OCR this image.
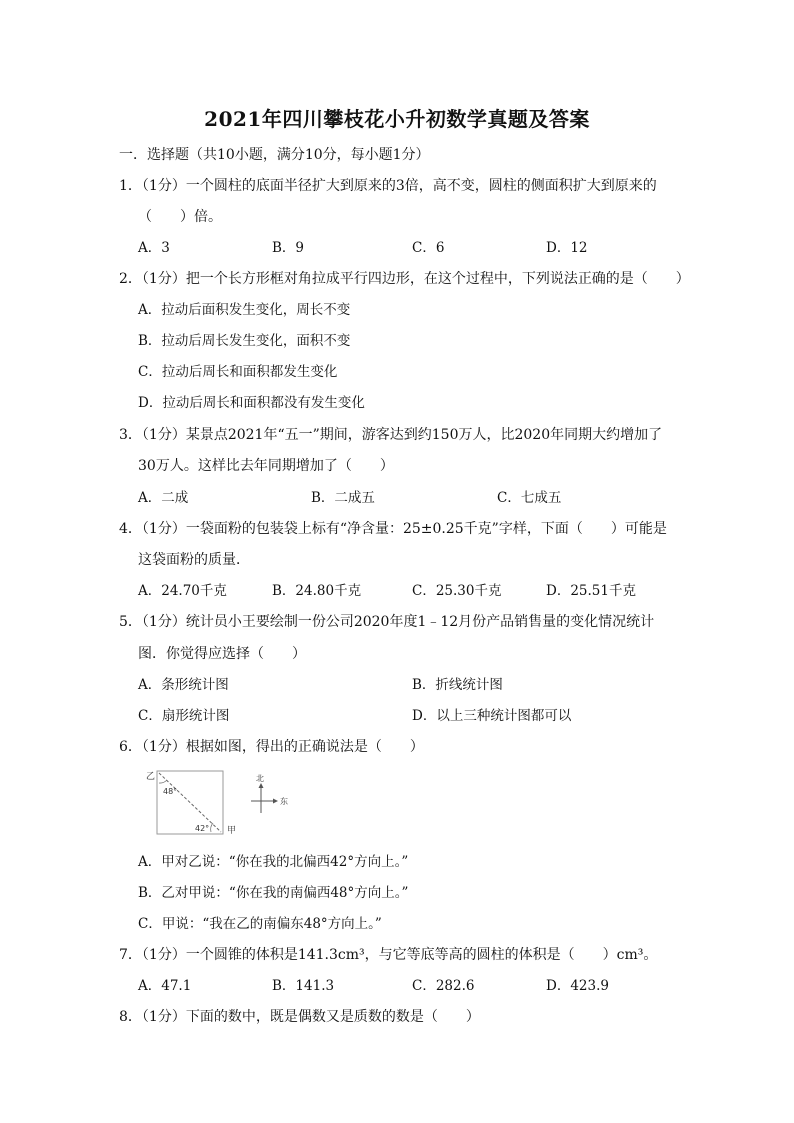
2021年四川攀枝花小升初数学真题及答案
一．选择题（共10小题，满分10分，每小题1分）
1．（1分）一个圆柱的底面半径扩大到原来的3倍，高不变，圆柱的侧面积扩大到原来的
（　　）倍。
A．3	B．9	C．6	D．12
2．（1分）把一个长方形框对角拉成平行四边形，在这个过程中，下列说法正确的是（　　）
A．拉动后面积发生变化，周长不变
B．拉动后周长发生变化，面积不变
C．拉动后周长和面积都发生变化
D．拉动后周长和面积都没有发生变化
3．（1分）某景点2021年“五一”期间，游客达到约150万人，比2020年同期大约增加了
30万人。这样比去年同期增加了（　　）
A．二成	B．二成五	C．七成五
4．（1分）一袋面粉的包装袋上标有“净含量：25±0.25千克”字样，下面（　　）可能是
这袋面粉的质量．
A．24.70千克	B．24.80千克	C．25.30千克	D．25.51千克
5．（1分）统计员小王要绘制一份公司2020年度1﹣12月份产品销售量的变化情况统计
图．你觉得应选择（　　）
A．条形统计图	B．折线统计图
C．扇形统计图	D．以上三种统计图都可以
6．（1分）根据如图，得出的正确说法是（　　）
乙
48°
42° 甲
北
东
A．甲对乙说：“你在我的北偏西42°方向上。”
B．乙对甲说：“你在我的南偏西48°方向上。”
C．甲说：“我在乙的南偏东48°方向上。”
7．（1分）一个圆锥的体积是141.3cm³，与它等底等高的圆柱的体积是（　　）cm³。
A．47.1	B．141.3	C．282.6	D．423.9
8．（1分）下面的数中，既是偶数又是质数的数是（　　）
